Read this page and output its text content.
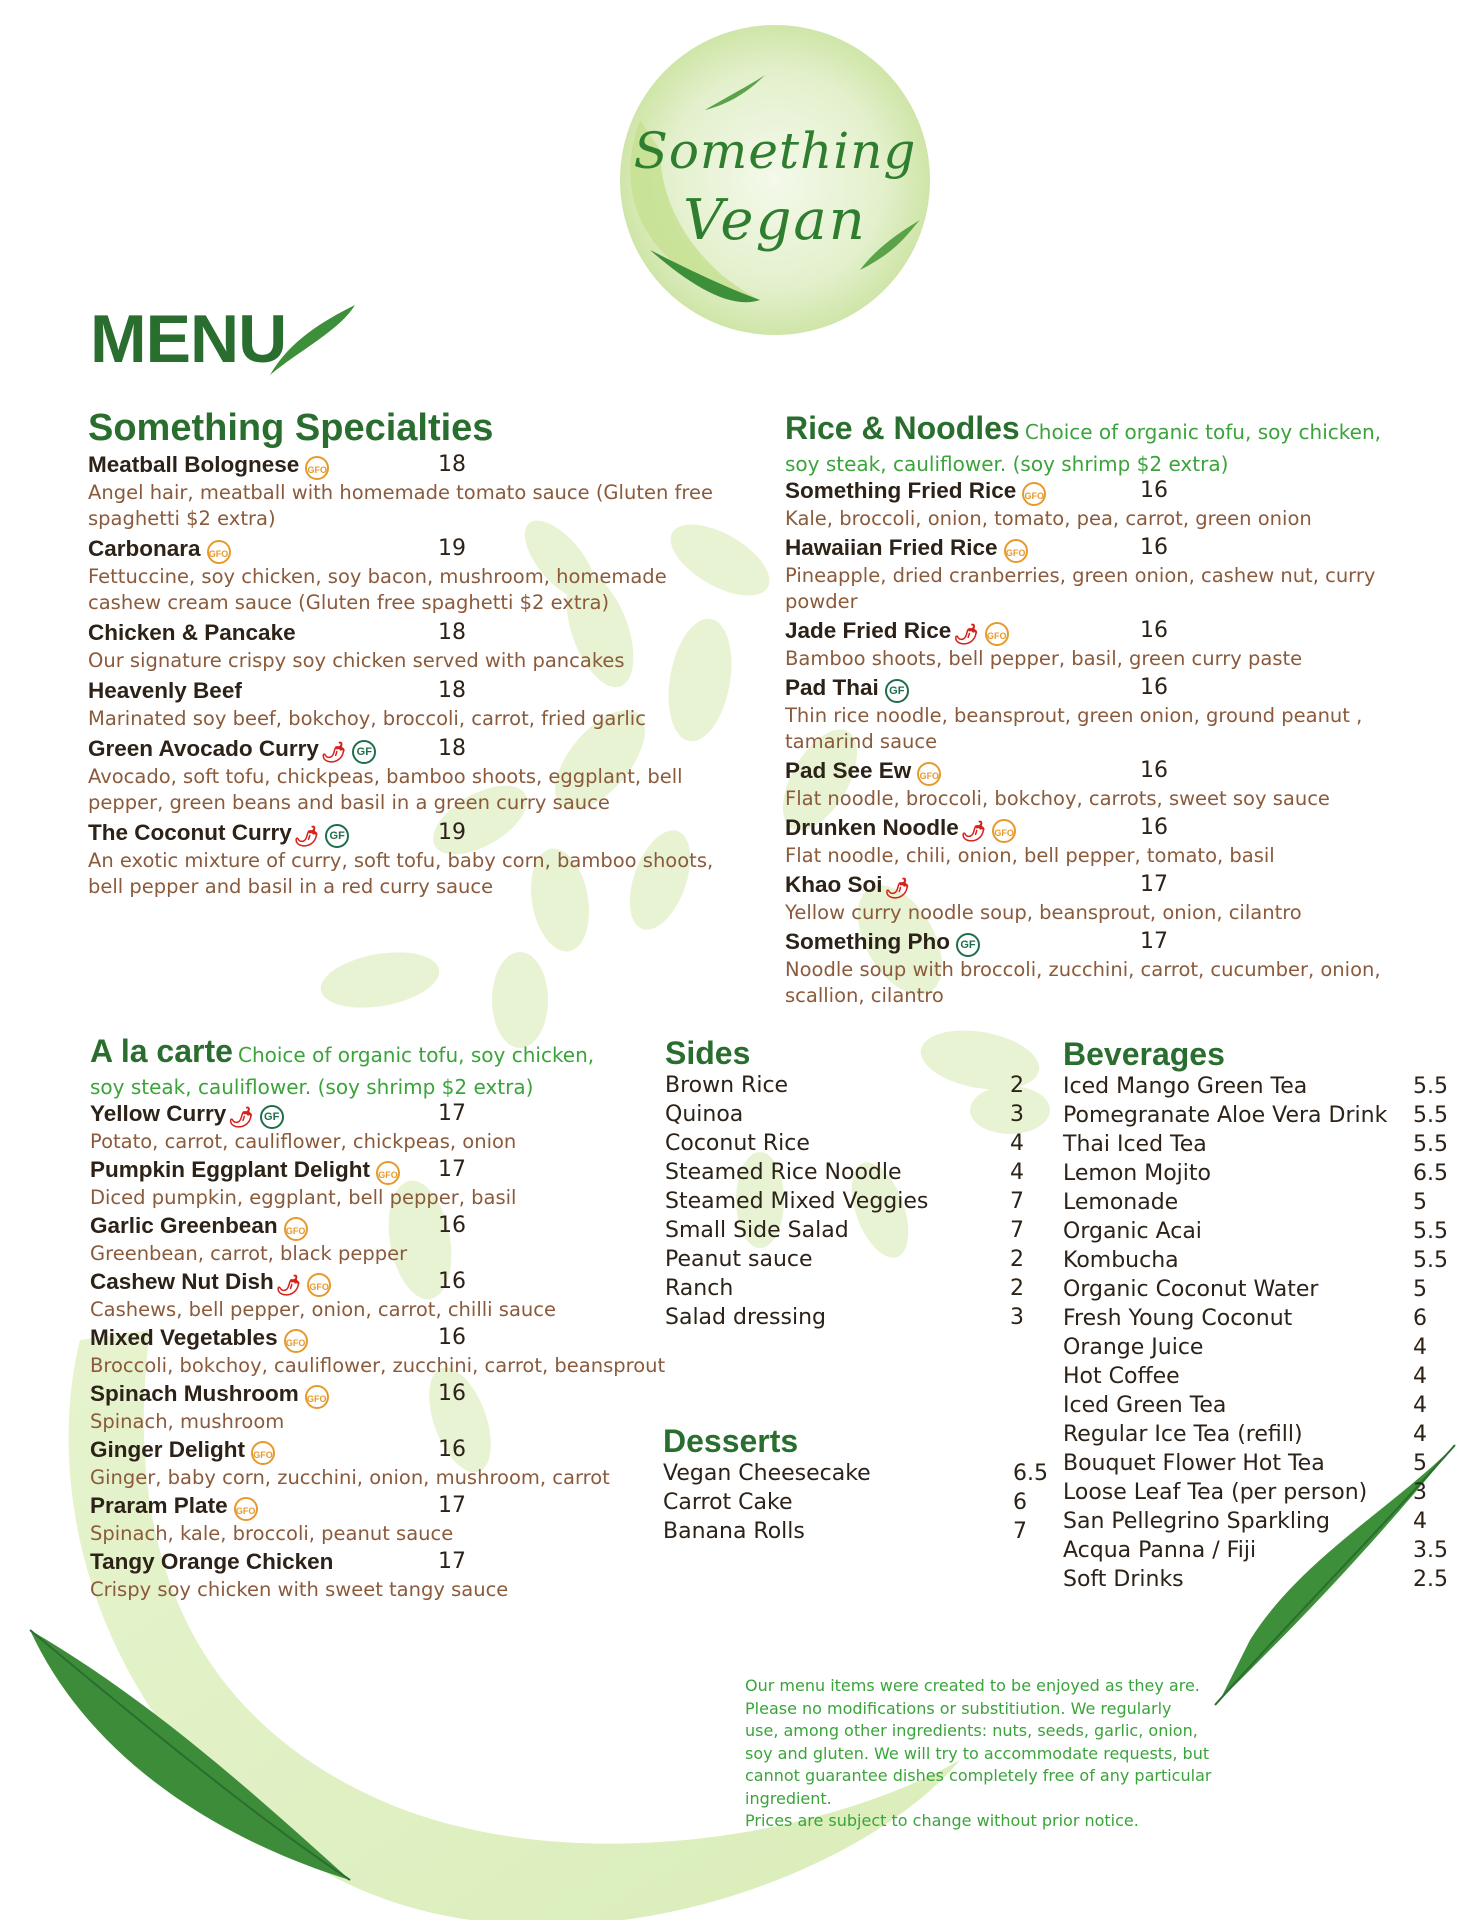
Something
Vegan
MENU
Something Specialties
Meatball Bolognese GFO	18
Angel hair, meatball with homemade tomato sauce (Gluten free spaghetti $2 extra)
Carbonara GFO	19
Fettuccine, soy chicken, soy bacon, mushroom, homemade cashew cream sauce (Gluten free spaghetti $2 extra)
Chicken & Pancake	18
Our signature crispy soy chicken served with pancakes
Heavenly Beef	18
Marinated soy beef, bokchoy, broccoli, carrot, fried garlic
Green Avocado Curry 🌶 GF	18
Avocado, soft tofu, chickpeas, bamboo shoots, eggplant, bell pepper, green beans and basil in a green curry sauce
The Coconut Curry 🌶 GF	19
An exotic mixture of curry, soft tofu, baby corn, bamboo shoots, bell pepper and basil in a red curry sauce
Rice & Noodles Choice of organic tofu, soy chicken,
soy steak, cauliflower. (soy shrimp $2 extra)
Something Fried Rice GFO	16
Kale, broccoli, onion, tomato, pea, carrot, green onion
Hawaiian Fried Rice GFO	16
Pineapple, dried cranberries, green onion, cashew nut, curry powder
Jade Fried Rice 🌶 GFO	16
Bamboo shoots, bell pepper, basil, green curry paste
Pad Thai GF	16
Thin rice noodle, beansprout, green onion, ground peanut , tamarind sauce
Pad See Ew GFO	16
Flat noodle, broccoli, bokchoy, carrots, sweet soy sauce
Drunken Noodle 🌶 GFO	16
Flat noodle, chili, onion, bell pepper, tomato, basil
Khao Soi 🌶	17
Yellow curry noodle soup, beansprout, onion, cilantro
Something Pho GF	17
Noodle soup with broccoli, zucchini, carrot, cucumber, onion, scallion, cilantro
A la carte Choice of organic tofu, soy chicken,
soy steak, cauliflower. (soy shrimp $2 extra)
Yellow Curry 🌶 GF	17
Potato, carrot, cauliflower, chickpeas, onion
Pumpkin Eggplant Delight GFO 17
Diced pumpkin, eggplant, bell pepper, basil
Garlic Greenbean GFO	16
Greenbean, carrot, black pepper
Cashew Nut Dish 🌶 GFO	16
Cashews, bell pepper, onion, carrot, chilli sauce
Mixed Vegetables GFO	16
Broccoli, bokchoy, cauliflower, zucchini, carrot, beansprout
Spinach Mushroom GFO	16
Spinach, mushroom
Ginger Delight GFO	16
Ginger, baby corn, zucchini, onion, mushroom, carrot
Praram Plate GFO	17
Spinach, kale, broccoli, peanut sauce
Tangy Orange Chicken	17
Crispy soy chicken with sweet tangy sauce
Sides
Brown Rice	2
Quinoa	3
Coconut Rice	4
Steamed Rice Noodle	4
Steamed Mixed Veggies	7
Small Side Salad	7
Peanut sauce	2
Ranch	2
Salad dressing	3
Desserts
Vegan Cheesecake	6.5
Carrot Cake	6
Banana Rolls	7
Beverages
Iced Mango Green Tea	5.5
Pomegranate Aloe Vera Drink 5.5
Thai Iced Tea	5.5
Lemon Mojito	6.5
Lemonade	5
Organic Acai	5.5
Kombucha	5.5
Organic Coconut Water	5
Fresh Young Coconut	6
Orange Juice	4
Hot Coffee	4
Iced Green Tea	4
Regular Ice Tea (refill)	4
Bouquet Flower Hot Tea	5
Loose Leaf Tea (per person) 3
San Pellegrino Sparkling	4
Acqua Panna / Fiji	3.5
Soft Drinks	2.5
Our menu items were created to be enjoyed as they are.
Please no modifications or substitiution. We regularly
use, among other ingredients: nuts, seeds, garlic, onion,
soy and gluten. We will try to accommodate requests, but
cannot guarantee dishes completely free of any particular
ingredient.
Prices are subject to change without prior notice.
